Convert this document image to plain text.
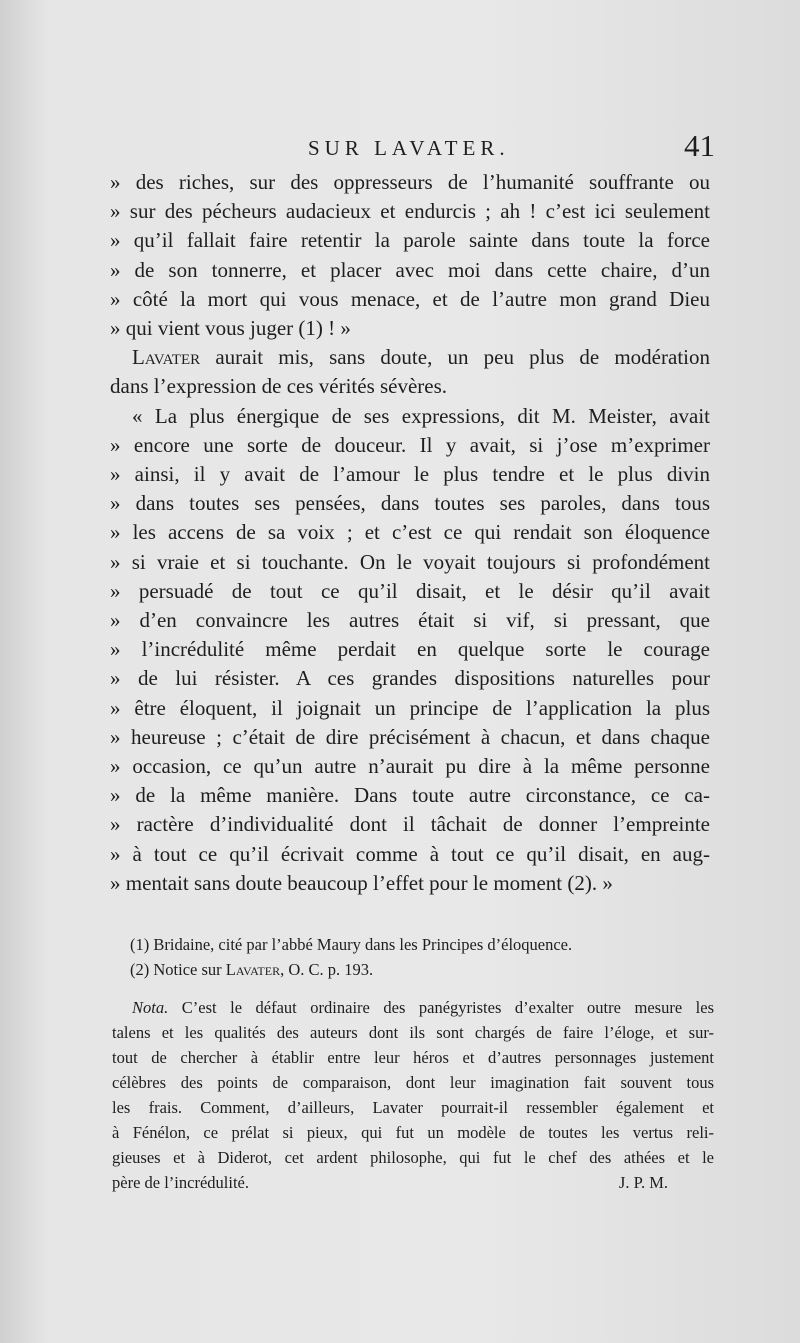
SUR LAVATER.	41
» des riches, sur des oppresseurs de l’humanité souffrante ou
» sur des pécheurs audacieux et endurcis ; ah ! c’est ici seulement
» qu’il fallait faire retentir la parole sainte dans toute la force
» de son tonnerre, et placer avec moi dans cette chaire, d’un
» côté la mort qui vous menace, et de l’autre mon grand Dieu
» qui vient vous juger (1) ! »
Lavater aurait mis, sans doute, un peu plus de modération
dans l’expression de ces vérités sévères.
« La plus énergique de ses expressions, dit M. Meister, avait
» encore une sorte de douceur. Il y avait, si j’ose m’exprimer
» ainsi, il y avait de l’amour le plus tendre et le plus divin
» dans toutes ses pensées, dans toutes ses paroles, dans tous
» les accens de sa voix ; et c’est ce qui rendait son éloquence
» si vraie et si touchante. On le voyait toujours si profondément
» persuadé de tout ce qu’il disait, et le désir qu’il avait
» d’en convaincre les autres était si vif, si pressant, que
» l’incrédulité même perdait en quelque sorte le courage
» de lui résister. A ces grandes dispositions naturelles pour
» être éloquent, il joignait un principe de l’application la plus
» heureuse ; c’était de dire précisément à chacun, et dans chaque
» occasion, ce qu’un autre n’aurait pu dire à la même personne
» de la même manière. Dans toute autre circonstance, ce ca-
» ractère d’individualité dont il tâchait de donner l’empreinte
» à tout ce qu’il écrivait comme à tout ce qu’il disait, en aug-
» mentait sans doute beaucoup l’effet pour le moment (2). »
(1) Bridaine, cité par l’abbé Maury dans les Principes d’éloquence.
(2) Notice sur Lavater, O. C. p. 193.
Nota. C’est le défaut ordinaire des panégyristes d’exalter outre mesure les
talens et les qualités des auteurs dont ils sont chargés de faire l’éloge, et sur-
tout de chercher à établir entre leur héros et d’autres personnages justement
célèbres des points de comparaison, dont leur imagination fait souvent tous
les frais. Comment, d’ailleurs, Lavater pourrait-il ressembler également et
à Fénélon, ce prélat si pieux, qui fut un modèle de toutes les vertus reli-
gieuses et à Diderot, cet ardent philosophe, qui fut le chef des athées et le
père de l’incrédulité.	J. P. M.
